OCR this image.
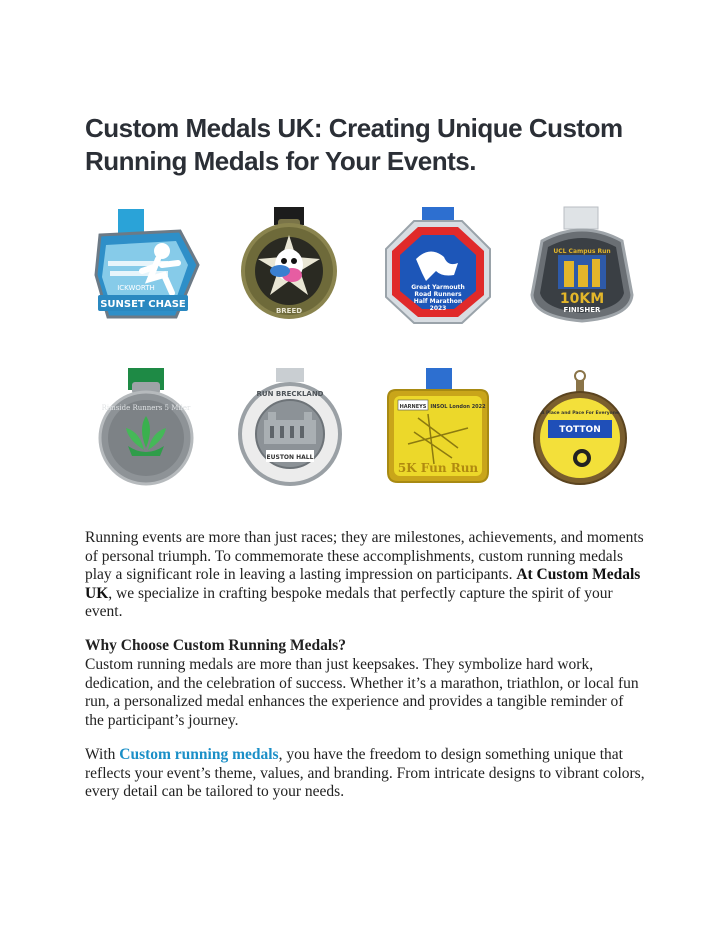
Custom Medals UK: Creating Unique Custom Running Medals for Your Events.
SUNSET CHASE
ICKWORTH
BREED
Great Yarmouth
Road Runners
Half Marathon
2023
UCL Campus Run
10KM
FINISHER
Rimside Runners 5 Miler
EUSTON HALL
RUN BRECKLAND
HARNEYS INSOL London 2022
5K Fun Run
TOTTON
A Place and Pace For Everyone

Running events are more than just races; they are milestones, achievements, and moments of personal triumph. To commemorate these accomplishments, custom running medals play a significant role in leaving a lasting impression on participants. At Custom Medals UK, we specialize in crafting bespoke medals that perfectly capture the spirit of your event.

Why Choose Custom Running Medals?

Custom running medals are more than just keepsakes. They symbolize hard work, dedication, and the celebration of success. Whether it’s a marathon, triathlon, or local fun run, a personalized medal enhances the experience and provides a tangible reminder of the participant’s journey.

With Custom running medals, you have the freedom to design something unique that reflects your event’s theme, values, and branding. From intricate designs to vibrant colors, every detail can be tailored to your needs.
